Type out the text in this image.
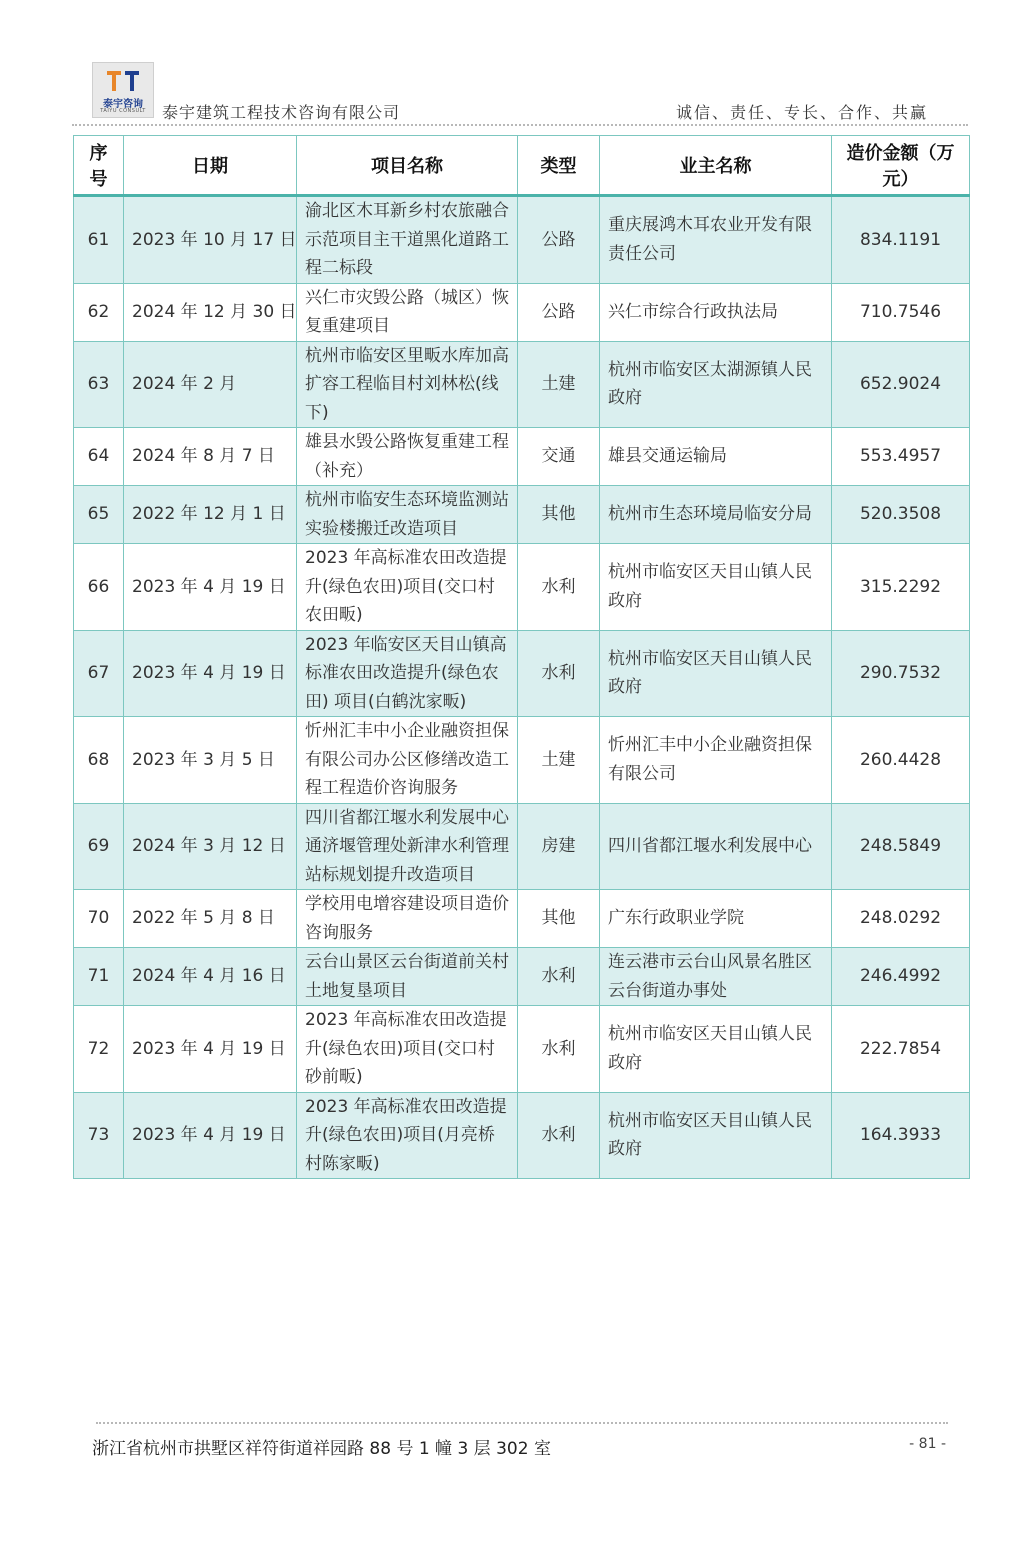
泰宇咨询
TAIYU CONSULT	泰宇建筑工程技术咨询有限公司	诚信、责任、专长、合作、共赢
序号	日期	项目名称	类型	业主名称	造价金额（万元）
61	2023 年 10 月 17 日	渝北区木耳新乡村农旅融合示范项目主干道黑化道路工程二标段	公路	重庆展鸿木耳农业开发有限责任公司	834.1191
62	2024 年 12 月 30 日	兴仁市灾毁公路（城区）恢复重建项目	公路	兴仁市综合行政执法局	710.7546
63	2024 年 2 月	杭州市临安区里畈水库加高扩容工程临目村刘林松(线下)	土建	杭州市临安区太湖源镇人民政府	652.9024
64	2024 年 8 月 7 日	雄县水毁公路恢复重建工程（补充）	交通	雄县交通运输局	553.4957
65	2022 年 12 月 1 日	杭州市临安生态环境监测站实验楼搬迁改造项目	其他	杭州市生态环境局临安分局	520.3508
66	2023 年 4 月 19 日	2023 年高标准农田改造提升(绿色农田)项目(交口村农田畈)	水利	杭州市临安区天目山镇人民政府	315.2292
67	2023 年 4 月 19 日	2023 年临安区天目山镇高标准农田改造提升(绿色农田) 项目(白鹤沈家畈)	水利	杭州市临安区天目山镇人民政府	290.7532
68	2023 年 3 月 5 日	忻州汇丰中小企业融资担保有限公司办公区修缮改造工程工程造价咨询服务	土建	忻州汇丰中小企业融资担保有限公司	260.4428
69	2024 年 3 月 12 日	四川省都江堰水利发展中心通济堰管理处新津水利管理站标规划提升改造项目	房建	四川省都江堰水利发展中心	248.5849
70	2022 年 5 月 8 日	学校用电增容建设项目造价咨询服务	其他	广东行政职业学院	248.0292
71	2024 年 4 月 16 日	云台山景区云台街道前关村土地复垦项目	水利	连云港市云台山风景名胜区云台街道办事处	246.4992
72	2023 年 4 月 19 日	2023 年高标准农田改造提升(绿色农田)项目(交口村砂前畈)	水利	杭州市临安区天目山镇人民政府	222.7854
73	2023 年 4 月 19 日	2023 年高标准农田改造提升(绿色农田)项目(月亮桥村陈家畈)	水利	杭州市临安区天目山镇人民政府	164.3933
浙江省杭州市拱墅区祥符街道祥园路 88 号 1 幢 3 层 302 室	- 81 -
